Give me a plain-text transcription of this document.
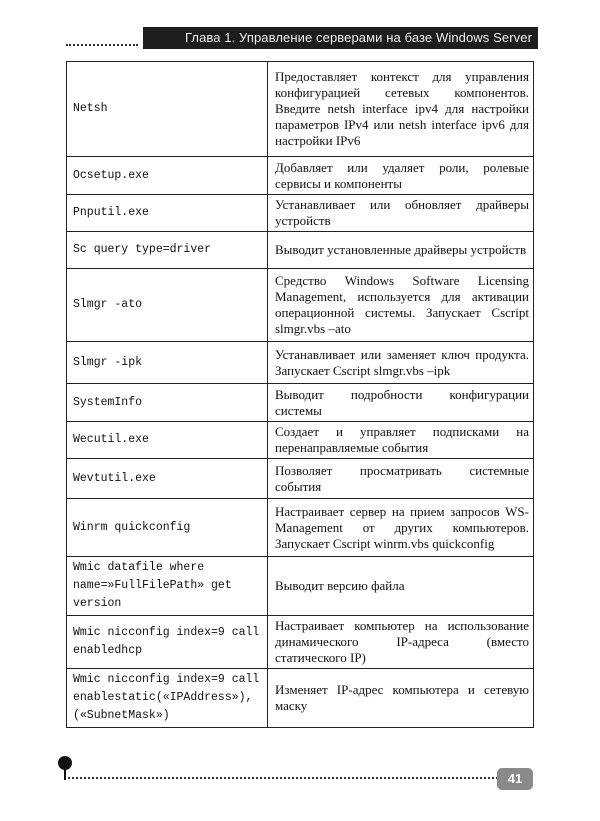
Глава 1. Управление серверами на базе Windows Server
Netsh	Предоставляет контекст для управления конфигурацией сетевых компонентов. Введите netsh interface ipv4 для настройки параметров IPv4 или netsh interface ipv6 для настройки IPv6
Ocsetup.exe	Добавляет или удаляет роли, ролевые сервисы и компоненты
Pnputil.exe	Устанавливает или обновляет драйверы устройств
Sc query type=driver	Выводит установленные драйверы устройств
Slmgr -ato	Средство Windows Software Licensing Management, используется для активации операционной системы. Запускает Cscript slmgr.vbs –ato
Slmgr -ipk	Устанавливает или заменяет ключ продукта. Запускает Cscript slmgr.vbs –ipk
SystemInfo	Выводит подробности конфигурации системы
Wecutil.exe	Создает и управляет подписками на перенаправляемые события
Wevtutil.exe	Позволяет просматривать системные события
Winrm quickconfig	Настраивает сервер на прием запросов WS-Management от других компьютеров. Запускает Cscript winrm.vbs quickconfig
Wmic datafile where
name=»FullFilePath» get
version	Выводит версию файла
Wmic nicconfig index=9 call
enabledhcp	Настраивает компьютер на использование динамического IP-адреса (вместо статического IP)
Wmic nicconfig index=9 call
enablestatic(«IPAddress»),
(«SubnetMask»)	Изменяет IP-адрес компьютера и сетевую маску
41
